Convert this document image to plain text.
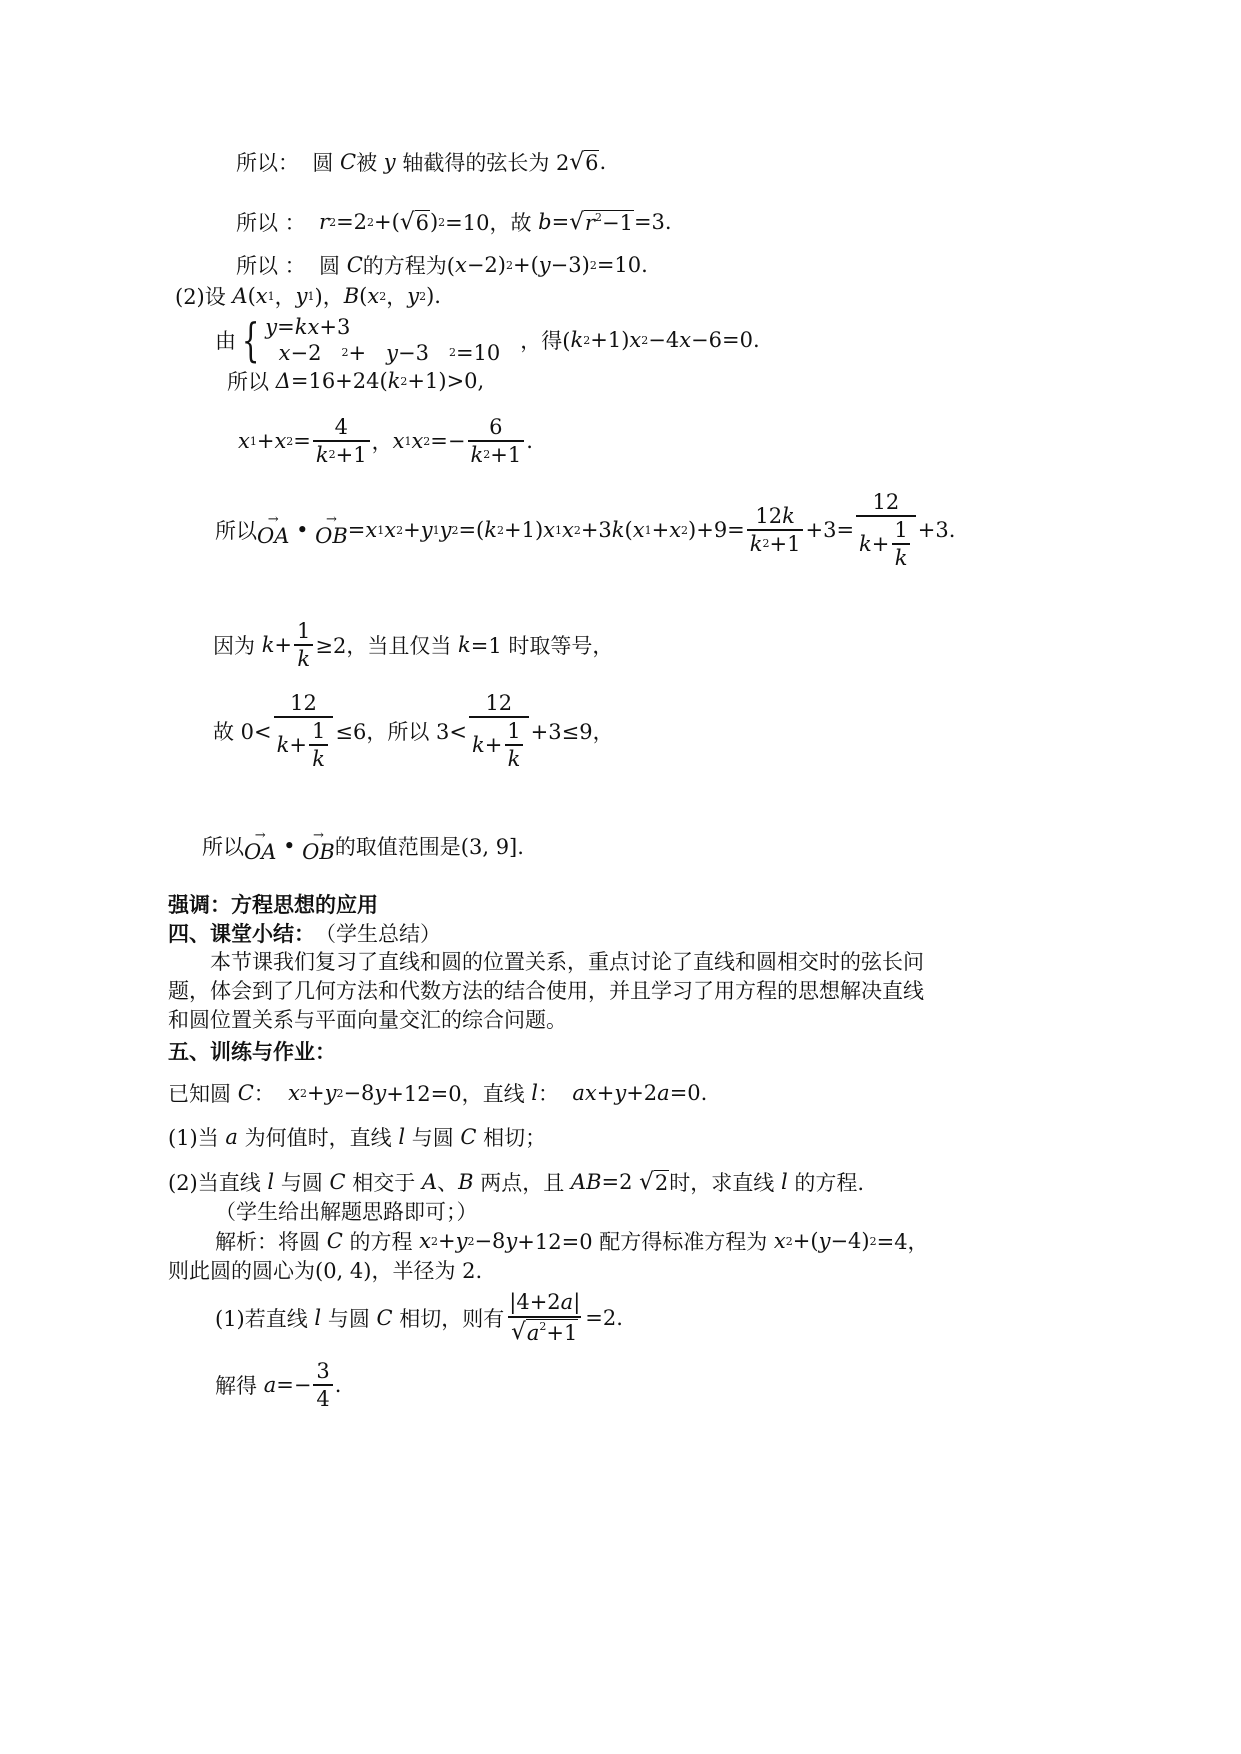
所以：  圆 C 被 y 轴截得的弦长为 2 √ 6 .
所以 ： r 2 =2 2 +( √ 6 ) 2 =10，故 b = √ r 2 −1 =3.
所以 ：  圆 C 的方程为( x −2) 2 +( y −3) 2 =10.
(2)设 A ( x 1 ， y 1 )， B ( x 2 ， y 2 ).
由 { y = kx +3

x −2 2 + y −3 2 =10 ，得( k 2 +1) x 2 −4 x −6=0.
所以 Δ =16+24( k 2 +1)>0,
x 1 + x $2 = \frac{4}{k 2 +1}$ ， x 1 x $2 =- \frac{6}{k 2 +1}$ .
所以 →
OA • →
OB = x 1 x 2 + y 1 y 2 =( k 2 +1) x 1 x 2 +3 k ( x 1 + x 2 )$+9= \frac{12 k}{k 2 +1} +3= \frac{12}{k + \frac{1}{k}} +3$.
因为 $k + \frac{1}{k} \ge 2$，当且仅当 k =1 时取等号，
故 $0< \frac{12}{k + \frac{1}{k}} \le 6$，所以 $3< \frac{12}{k + \frac{1}{k}} +3\le 9$，
所以 →
OA • →
OB 的取值范围是(3, 9].
强调：方程思想的应用
四、课堂小结： （学生总结）
本节课我们复习了直线和圆的位置关系，重点讨论了直线和圆相交时的弦长问题，体会到了几何方法和代数方法的结合使用，并且学习了用方程的思想解决直线和圆位置关系与平面向量交汇的综合问题。
五、训练与作业：
已知圆 C ： x 2 + y 2 −8 y +12=0，直线 l ： ax + y +2 a =0.
(1)当 a 为何值时，直线 l 与圆 C 相切；
(2)当直线 l 与圆 C 相交于 A 、 B 两点，且 AB =2 √ 2 时，求直线 l 的方程.
（学生给出解题思路即可；）
解析：将圆 C 的方程 x 2 + y 2 −8 y +12=0 配方得标准方程为 x 2 +( y −4) 2 =4，
则此圆的圆心为(0, 4)，半径为 2.
(1)若直线 l 与圆 C 相切，则有 $\frac{|4+2 a |}{√ a 2 +1} =2$.
解得 $a =- \frac{3}{4}$ .
